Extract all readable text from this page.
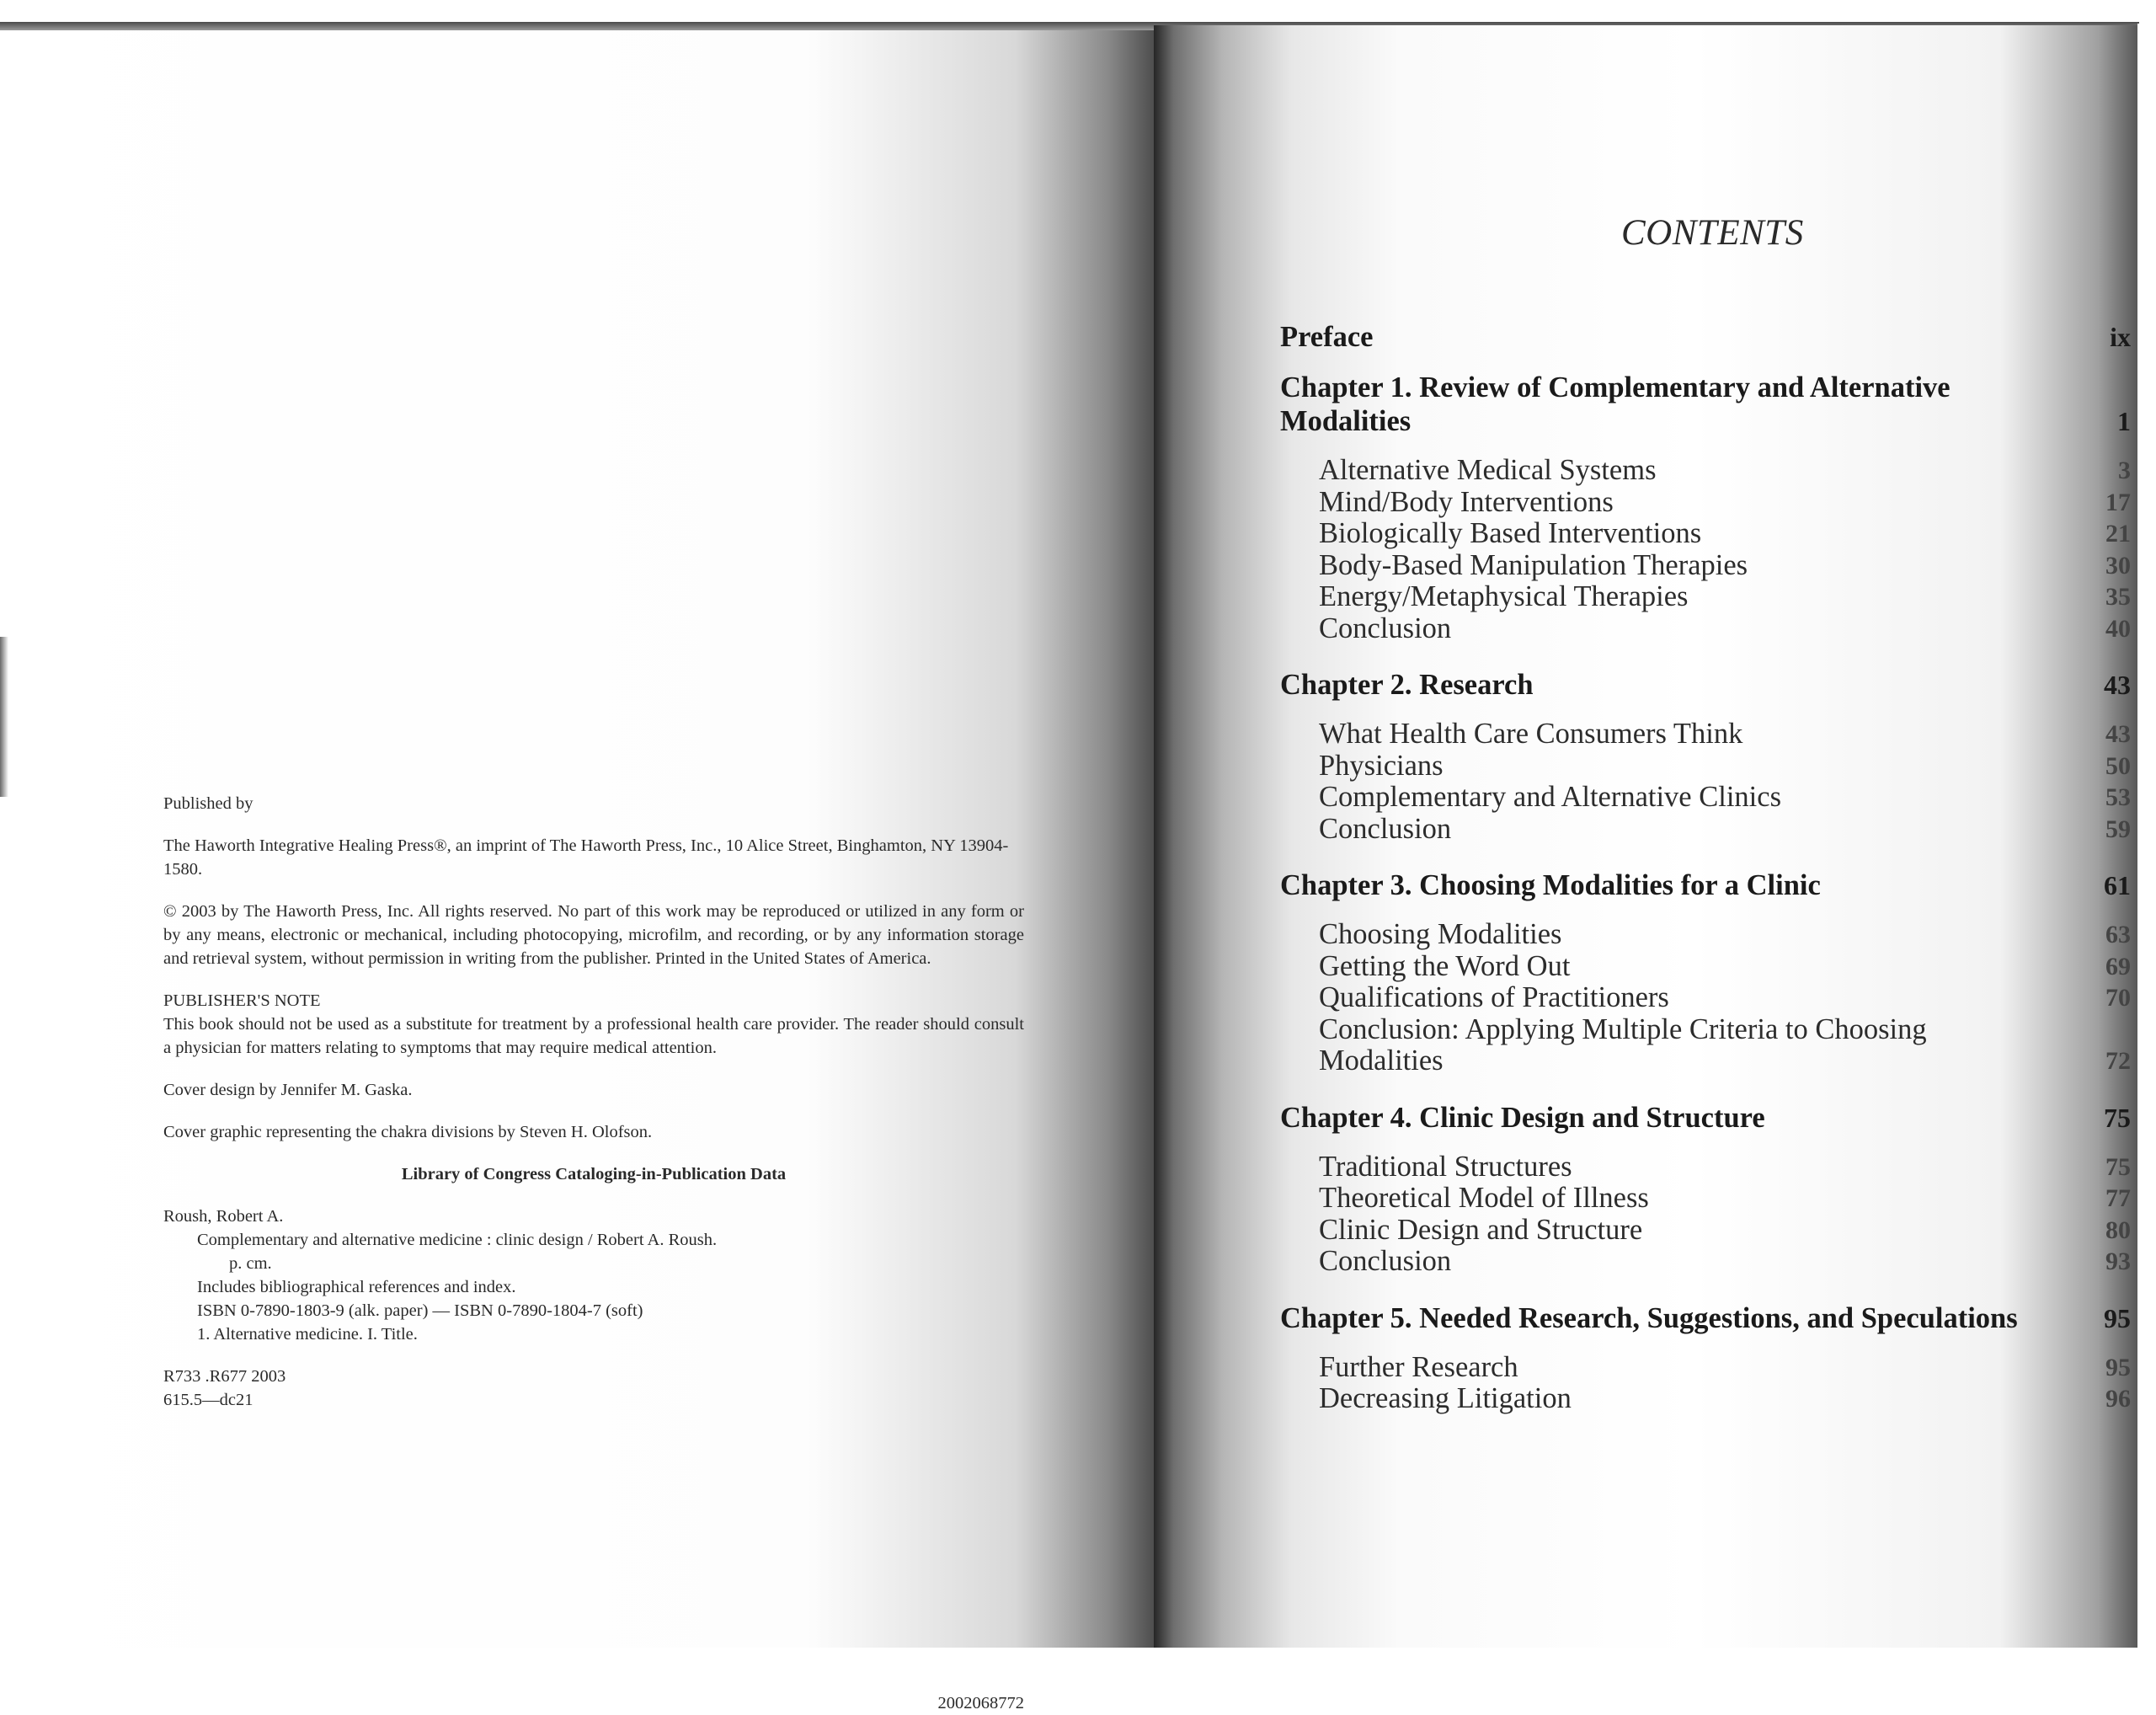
Published by

The Haworth Integrative Healing Press®, an imprint of The Haworth Press, Inc., 10 Alice Street, Binghamton, NY 13904-1580.

© 2003 by The Haworth Press, Inc. All rights reserved. No part of this work may be reproduced or utilized in any form or by any means, electronic or mechanical, including photocopying, microfilm, and recording, or by any information storage and retrieval system, without permission in writing from the publisher. Printed in the United States of America.

PUBLISHER'S NOTE

This book should not be used as a substitute for treatment by a professional health care provider. The reader should consult a physician for matters relating to symptoms that may require medical attention.

Cover design by Jennifer M. Gaska.

Cover graphic representing the chakra divisions by Steven H. Olofson.

Library of Congress Cataloging-in-Publication Data

Roush, Robert A.

Complementary and alternative medicine : clinic design / Robert A. Roush.

p. cm.

Includes bibliographical references and index.

ISBN 0-7890-1803-9 (alk. paper) — ISBN 0-7890-1804-7 (soft)

1. Alternative medicine. I. Title.

R733 .R677 2003

615.5—dc21

2002068772

CONTENTS
Preface	ix
Chapter 1. Review of Complementary and Alternative Modalities	1
Alternative Medical Systems	3
Mind/Body Interventions	17
Biologically Based Interventions	21
Body-Based Manipulation Therapies	30
Energy/Metaphysical Therapies	35
Conclusion	40
Chapter 2. Research	43
What Health Care Consumers Think	43
Physicians	50
Complementary and Alternative Clinics	53
Conclusion	59
Chapter 3. Choosing Modalities for a Clinic	61
Choosing Modalities	63
Getting the Word Out	69
Qualifications of Practitioners	70
Conclusion: Applying Multiple Criteria to Choosing Modalities	72
Chapter 4. Clinic Design and Structure	75
Traditional Structures	75
Theoretical Model of Illness	77
Clinic Design and Structure	80
Conclusion	93
Chapter 5. Needed Research, Suggestions, and Speculations	95
Further Research	95
Decreasing Litigation	96
